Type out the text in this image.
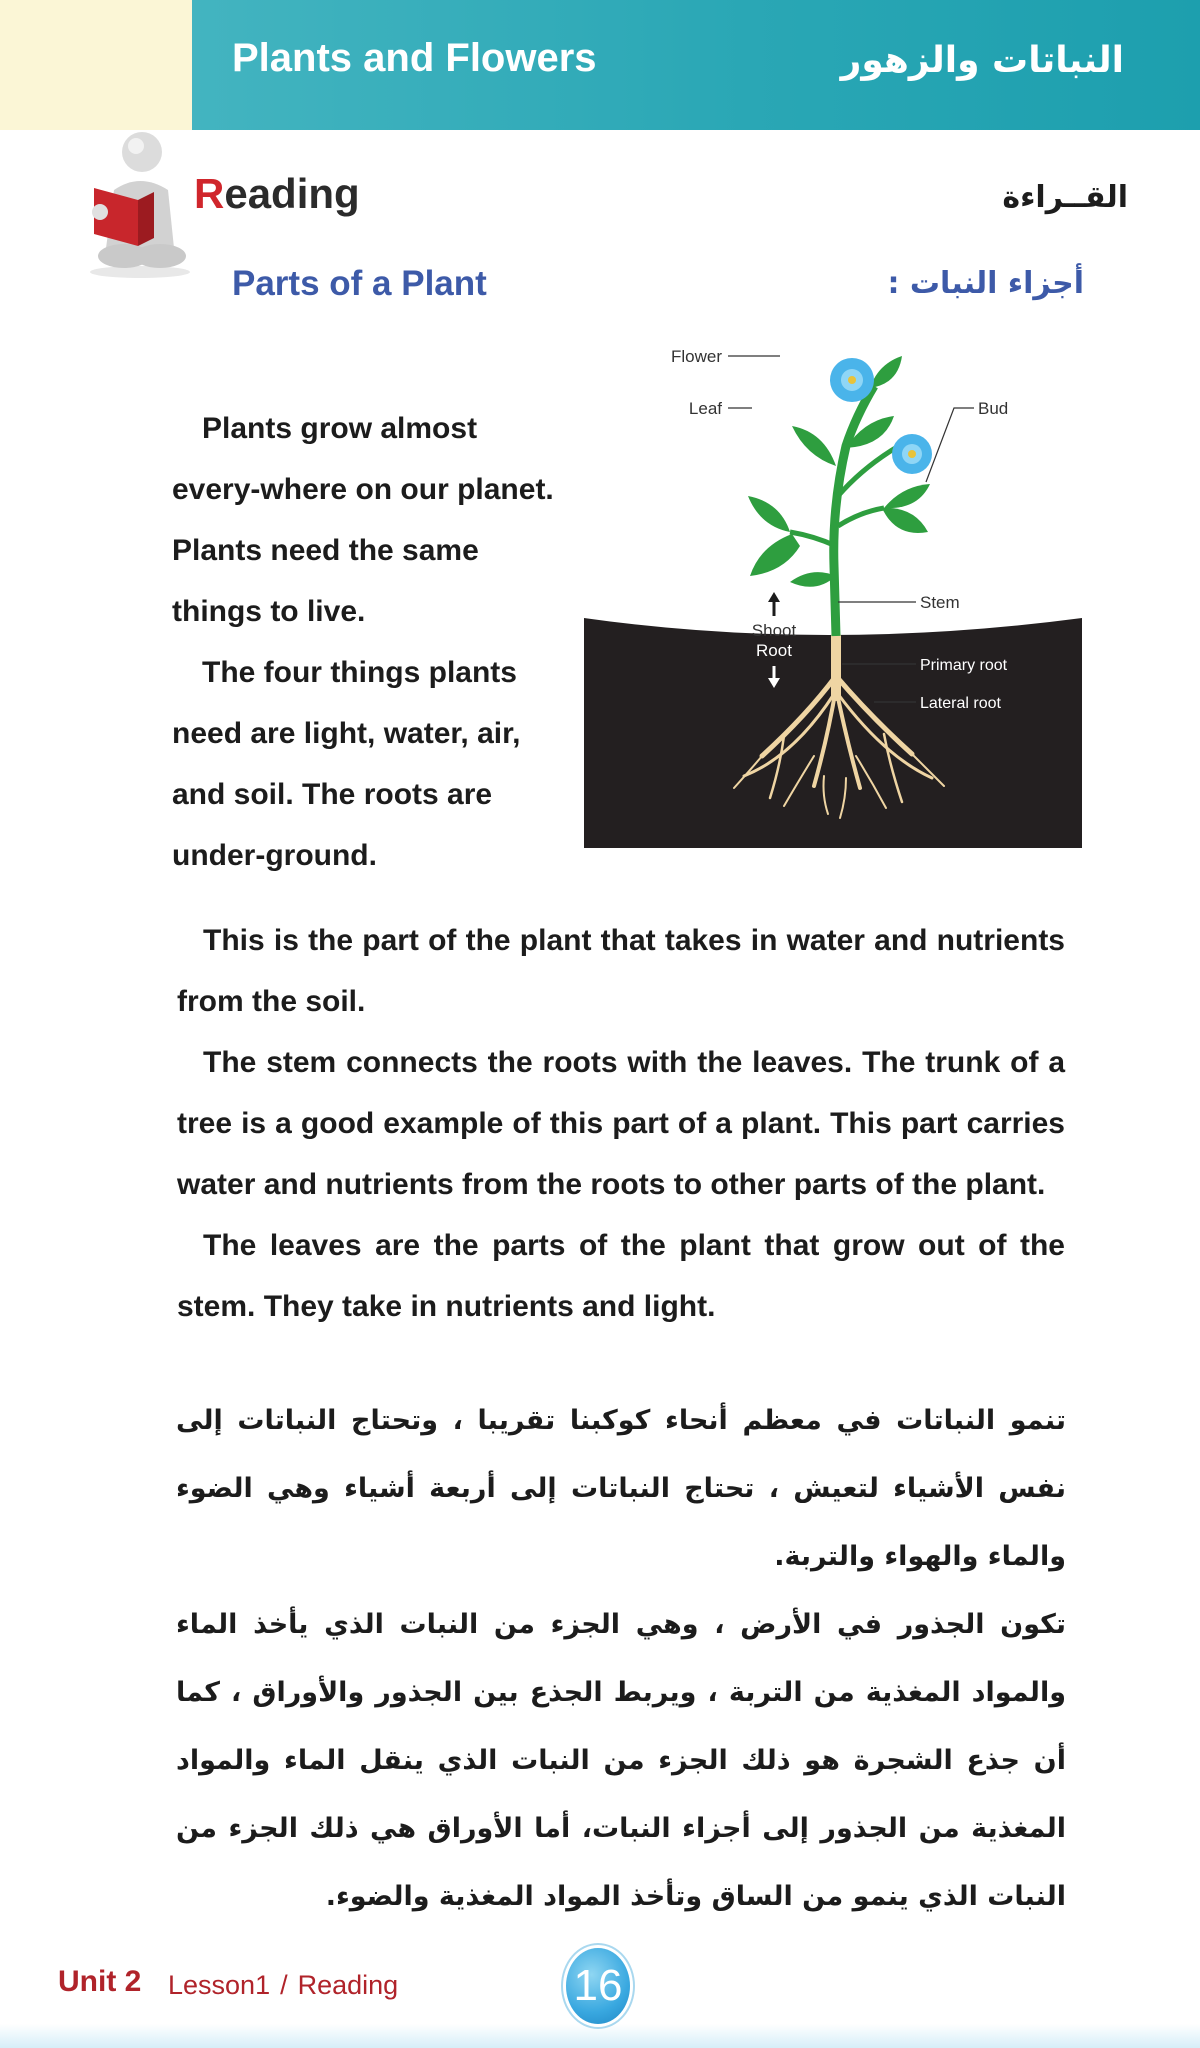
Plants and Flowers	النباتات والزهور
Reading	القــراءة
Parts of a Plant	أجزاء النبات :

Plants grow almost every-where on our planet. Plants need the same things to live.

The four things plants need are light, water, air, and soil. The roots are under-ground.

Flower
Leaf	Bud
Stem
Shoot
Root
Primary root
Lateral root

This is the part of the plant that takes in water and nutrients from the soil.

The stem connects the roots with the leaves. The trunk of a tree is a good example of this part of a plant. This part carries water and nutrients from the roots to other parts of the plant.

The leaves are the parts of the plant that grow out of the stem. They take in nutrients and light.

تنمو النباتات في معظم أنحاء كوكبنا تقريبا ، وتحتاج النباتات إلى نفس الأشياء لتعيش ، تحتاج النباتات إلى أربعة أشياء وهي الضوء والماء والهواء والتربة.

تكون الجذور في الأرض ، وهي الجزء من النبات الذي يأخذ الماء والمواد المغذية من التربة ، ويربط الجذع بين الجذور والأوراق ، كما أن جذع الشجرة هو ذلك الجزء من النبات الذي ينقل الماء والمواد المغذية من الجذور إلى أجزاء النبات، أما الأوراق هي ذلك الجزء من النبات الذي ينمو من الساق وتأخذ المواد المغذية والضوء.

Unit 2 Lesson1 / Reading	16
